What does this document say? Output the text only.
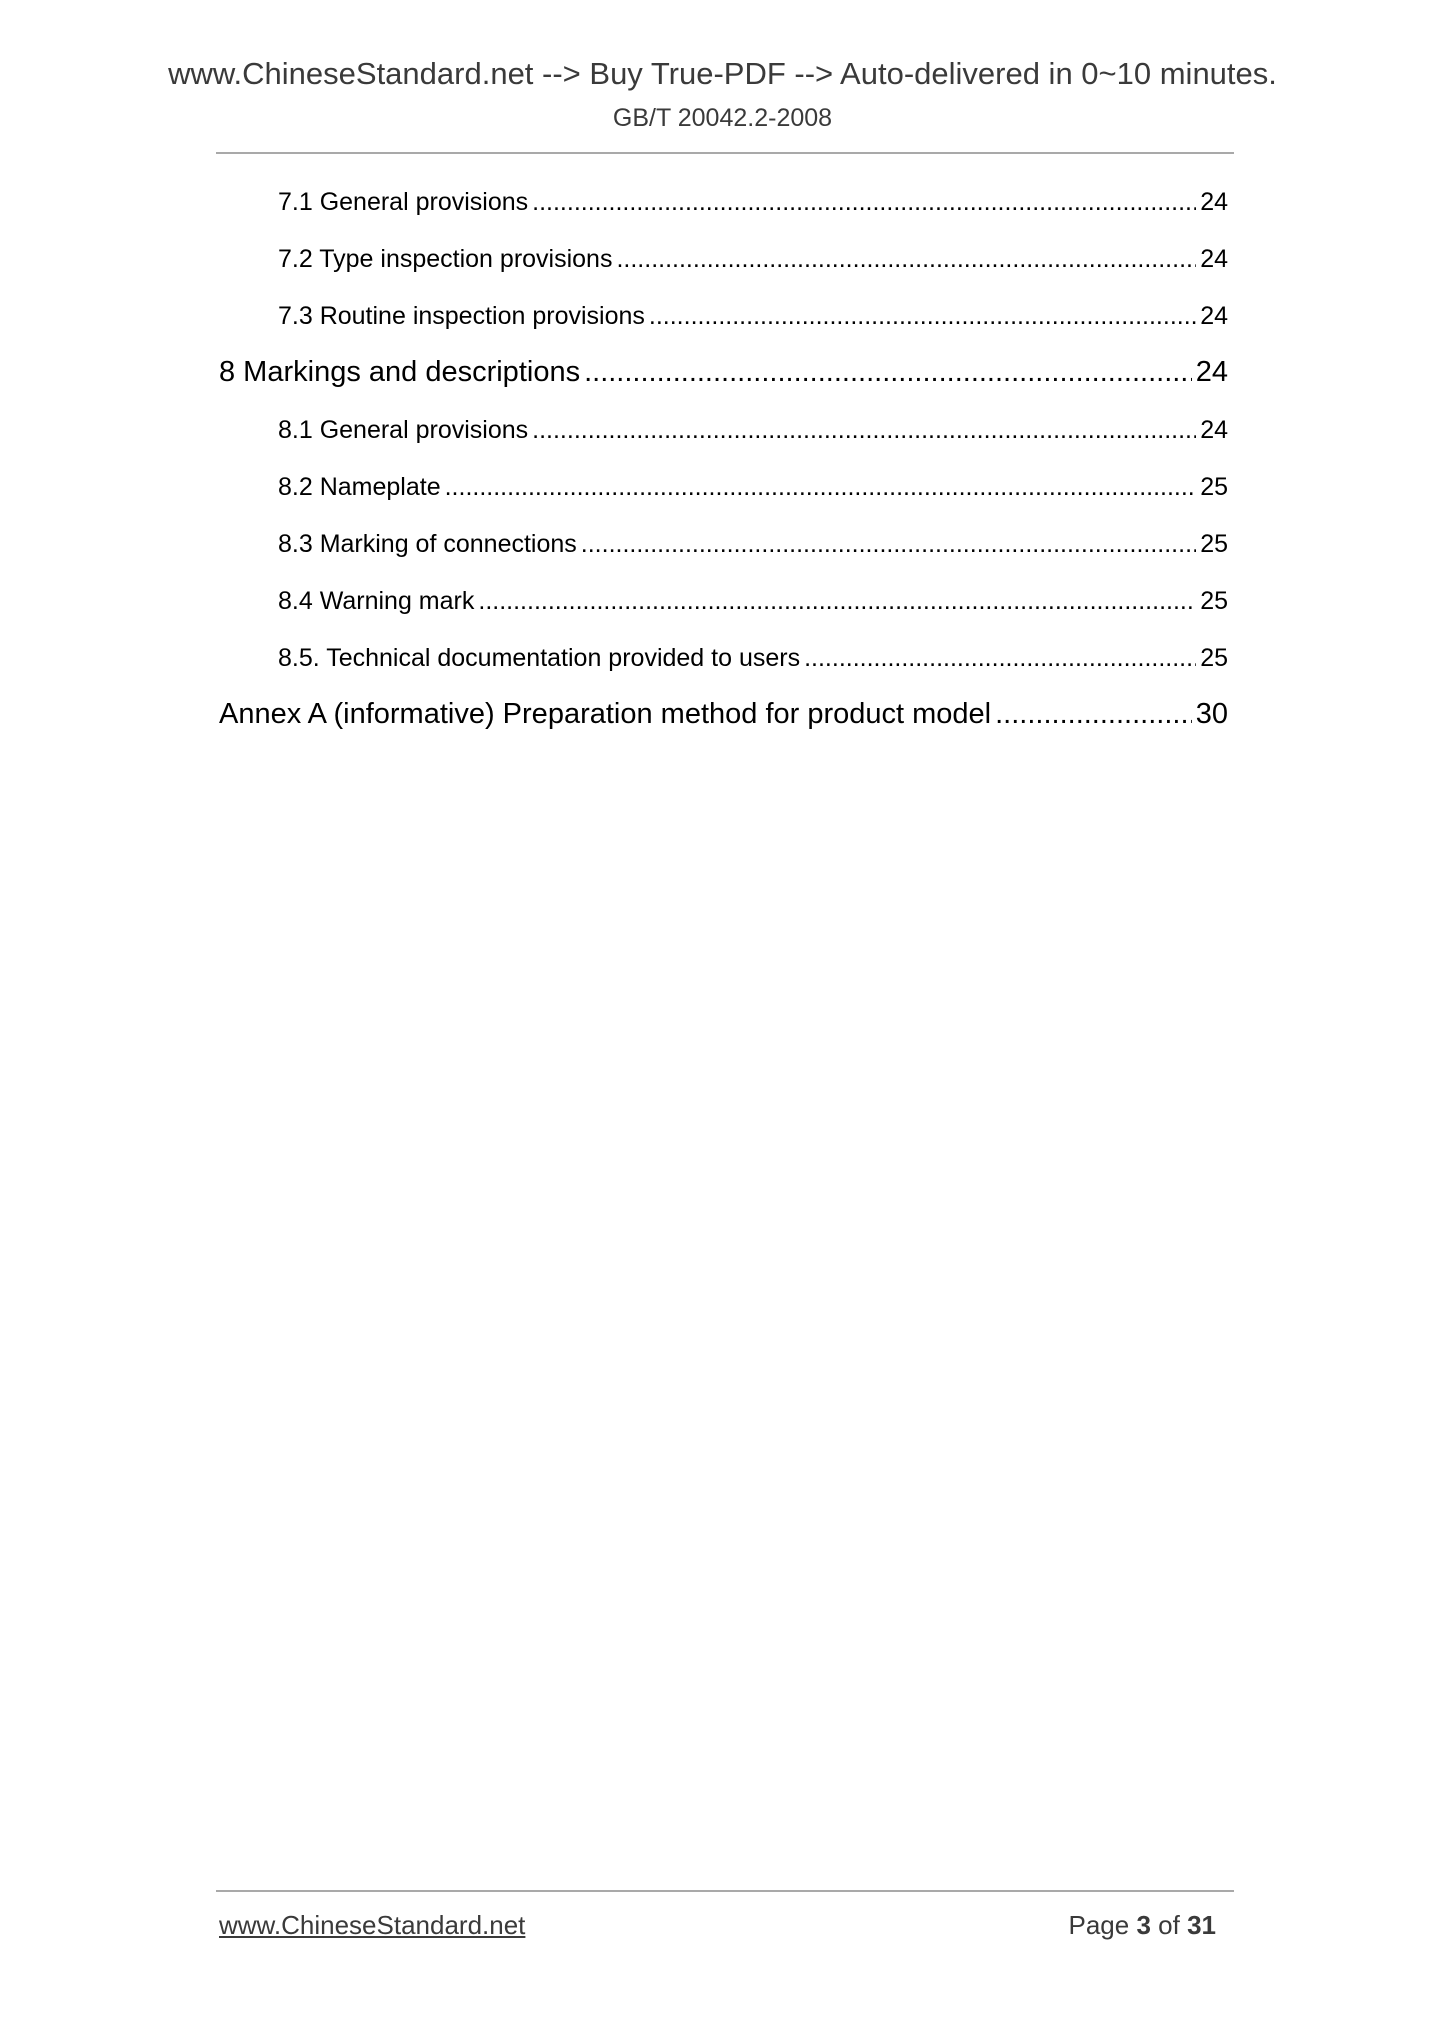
www.ChineseStandard.net --> Buy True-PDF --> Auto-delivered in 0~10 minutes.
GB/T 20042.2-2008
7.1 General provisions .....	24
7.2 Type inspection provisions .....	24
7.3 Routine inspection provisions .....	24
8 Markings and descriptions .....	24
8.1 General provisions .....	24
8.2 Nameplate .....	25
8.3 Marking of connections .....	25
8.4 Warning mark .....	25
8.5. Technical documentation provided to users .....	25
Annex A (informative) Preparation method for product model .....	30
www.ChineseStandard.net	Page 3 of 31
